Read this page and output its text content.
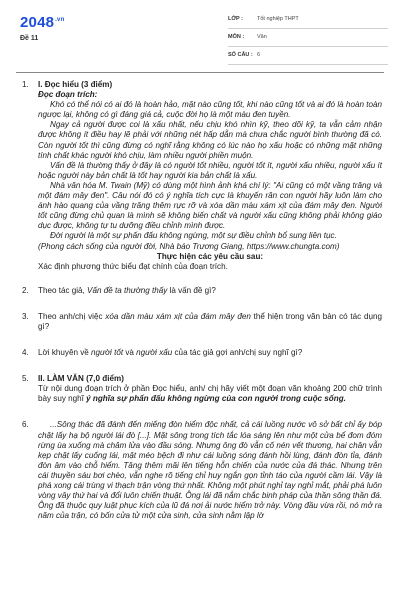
$2048^{.vn}$
Đề 11
LỚP :	Tốt nghiệp THPT
MÔN : Văn
SỐ CÂU : 6
1. I. Đọc hiểu (3 điểm)

Đọc đoạn trích:

Khó có thể nói có ai đó là hoàn hảo, mặt nào cũng tốt, khi nào cũng tốt và ai đó là hoàn toàn ngược lại, không có gì đáng giá cả, cuộc đời họ là một màu đen tuyền.

Ngay cả người được coi là xấu nhất, nếu chịu khó nhìn kỹ, theo dõi kỹ, ta vẫn cảm nhận được không ít điều hay lẽ phải với những nét hấp dẫn mà chưa chắc người bình thường đã có. Còn người tốt thì cũng đừng có nghĩ rằng không có lúc nào họ xấu hoặc có những mặt những tính chất khác người khó chịu, làm nhiều người phiền muộn.

Vấn đề là thường thấy ở đây là có người tốt nhiều, người tốt ít, người xấu nhiều, người xấu ít hoặc người này bản chất là tốt hay người kia bản chất là xấu.

Nhà văn hóa M. Twain (Mỹ) có dùng một hình ảnh khá chí lý: "Ai cũng có một vầng trăng và một đám mây đen". Câu nói đó có ý nghĩa tích cực là khuyến răn con người hãy luôn làm cho ánh hào quang của vầng trăng thêm rực rỡ và xóa dần màu xám xịt của đám mây đen. Người tốt cũng đừng chủ quan là mình sẽ không biến chất và người xấu cũng không phải không giáo dục được, không tự tu dưỡng điều chỉnh mình được.

Đời người là một sự phấn đấu không ngừng, một sự điều chỉnh bổ sung liên tục.

(Phong cách sống của người đời, Nhà báo Trương Giang, https://www.chungta.com)

Thực hiện các yêu cầu sau:

Xác định phương thức biểu đạt chính của đoạn trích.

2. Theo tác giả, Vấn đề ta thường thấy là vấn đề gì?

3. Theo anh/chị việc xóa dần màu xám xịt của đám mây đen thể hiện trong văn bản có tác dụng gì?

4. Lời khuyên về người tốt và người xấu của tác giả gợi anh/chị suy nghĩ gì?

5. II. LÀM VĂN (7,0 điểm)

Từ nội dung đoạn trích ở phần Đọc hiểu, anh/ chị hãy viết một đoạn văn khoảng 200 chữ trình bày suy nghĩ ý nghĩa sự phấn đấu không ngừng của con người trong cuộc sống.

6.	...Sông thác đã đánh đến miếng đòn hiểm độc nhất, cả cái luồng nước vô sở bất chỉ ấy bóp chặt lấy hạ bộ người lái đò [...]. Mặt sông trong tích tắc lóa sáng lên như một cửa bể đom đóm rừng ùa xuống mà châm lửa vào đầu sóng. Nhưng ông đò vẫn cố nén vết thương, hai chân vẫn kẹp chặt lấy cuống lái, mặt méo bệch đi như cái luồng sóng đánh hồi lùng, đánh đòn tỉa, đánh đòn âm vào chỗ hiểm. Tăng thêm mãi lên tiếng hỗn chiến của nước của đá thác. Nhưng trên cái thuyền sáu bơi chèo, vẫn nghe rõ tiếng chỉ huy ngắn gọn tỉnh táo của người cầm lái. Vậy là phá xong cái trùng vi thạch trận vòng thứ nhất. Không một phút nghỉ tay nghỉ mắt, phải phá luôn vòng vây thứ hai và đổi luôn chiến thuật. Ông lái đã nắm chắc binh pháp của thần sông thần đá. Ông đã thuộc quy luật phục kích của lũ đá nơi ải nước hiểm trở này. Vòng đầu vừa rồi, nó mở ra năm của trận, có bốn cửa tử một cửa sinh, cửa sinh nằm lập lờ
